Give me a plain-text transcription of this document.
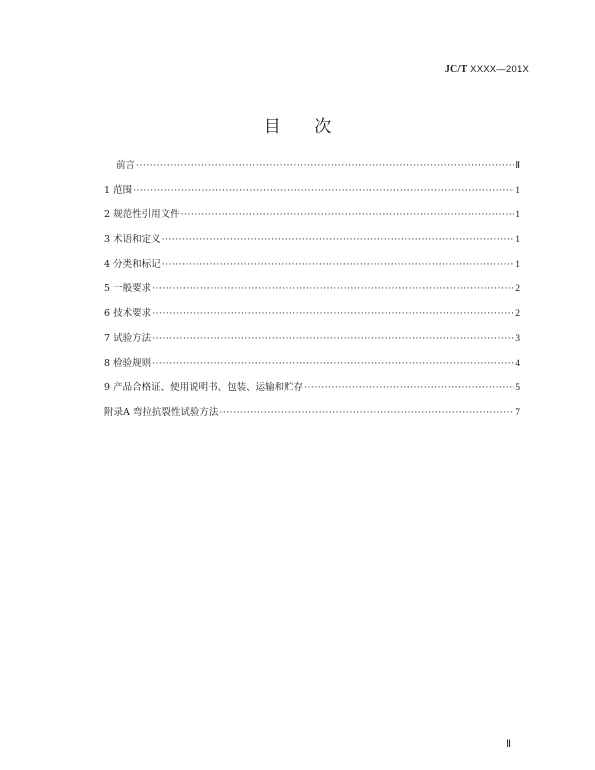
JC/T XXXX—201X
目 次
前言 ·····	Ⅱ
1 范围 ·····	1
2 规范性引用文件 ·····	1
3 术语和定义 ·····	1
4 分类和标记 ·····	1
5 一般要求 ·····	2
6 技术要求 ·····	2
7 试验方法 ·····	3
8 检验规则 ·····	4
9 产品合格证、使用说明书、包装、运输和贮存 ·····	5
附录A 弯拉抗裂性试验方法 ·····	7
Ⅱ
